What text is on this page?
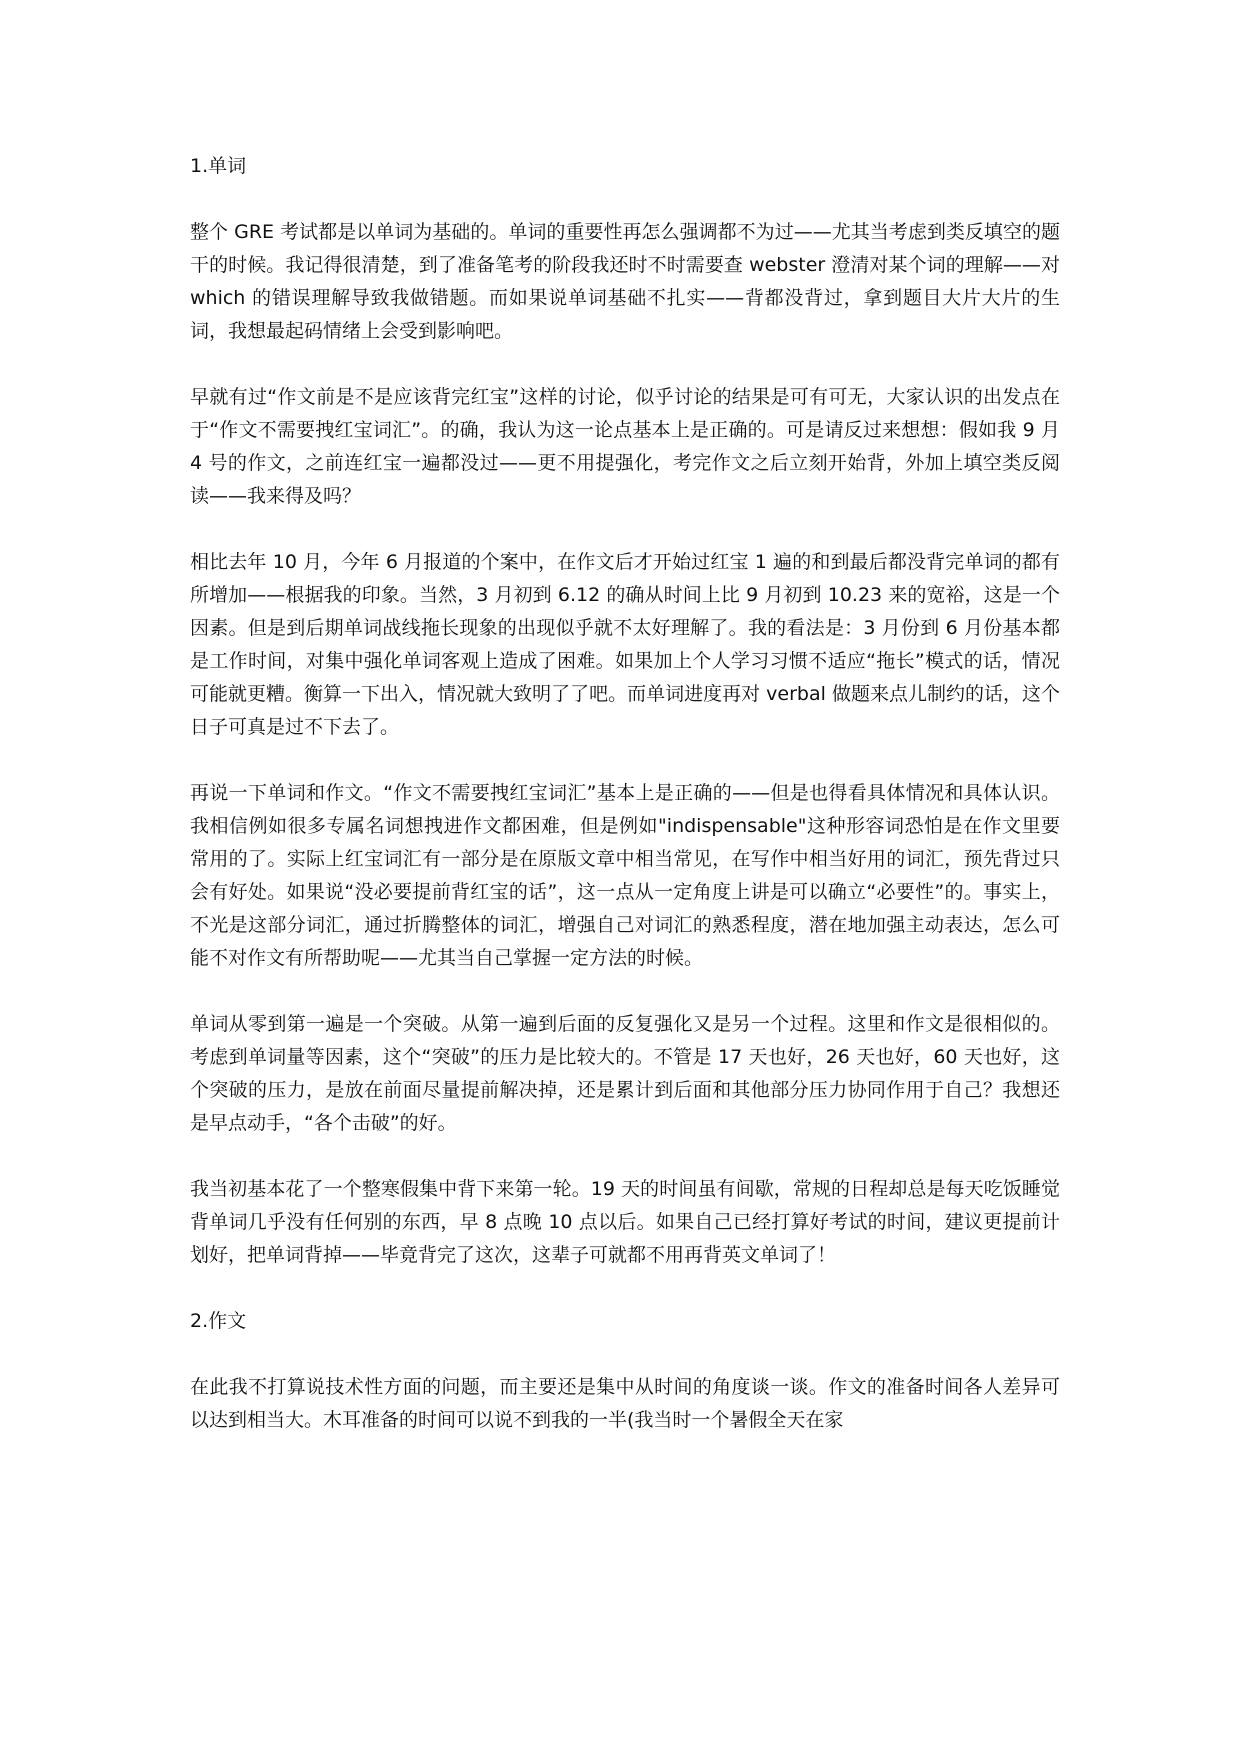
1.单词

整个 GRE 考试都是以单词为基础的。单词的重要性再怎么强调都不为过——尤其当考虑到类反填空的题干的时候。我记得很清楚，到了准备笔考的阶段我还时不时需要查 webster 澄清对某个词的理解——对 which 的错误理解导致我做错题。而如果说单词基础不扎实——背都没背过，拿到题目大片大片的生词，我想最起码情绪上会受到影响吧。

早就有过“作文前是不是应该背完红宝”这样的讨论，似乎讨论的结果是可有可无，大家认识的出发点在于“作文不需要拽红宝词汇”。的确，我认为这一论点基本上是正确的。可是请反过来想想：假如我 9 月 4 号的作文，之前连红宝一遍都没过——更不用提强化，考完作文之后立刻开始背，外加上填空类反阅读——我来得及吗？

相比去年 10 月，今年 6 月报道的个案中，在作文后才开始过红宝 1 遍的和到最后都没背完单词的都有所增加——根据我的印象。当然，3 月初到 6.12 的确从时间上比 9 月初到 10.23 来的宽裕，这是一个因素。但是到后期单词战线拖长现象的出现似乎就不太好理解了。我的看法是：3 月份到 6 月份基本都是工作时间，对集中强化单词客观上造成了困难。如果加上个人学习习惯不适应“拖长”模式的话，情况可能就更糟。衡算一下出入，情况就大致明了了吧。而单词进度再对 verbal 做题来点儿制约的话，这个日子可真是过不下去了。

再说一下单词和作文。“作文不需要拽红宝词汇”基本上是正确的——但是也得看具体情况和具体认识。我相信例如很多专属名词想拽进作文都困难，但是例如"indispensable"这种形容词恐怕是在作文里要常用的了。实际上红宝词汇有一部分是在原版文章中相当常见，在写作中相当好用的词汇，预先背过只会有好处。如果说“没必要提前背红宝的话”，这一点从一定角度上讲是可以确立“必要性”的。事实上，不光是这部分词汇，通过折腾整体的词汇，增强自己对词汇的熟悉程度，潜在地加强主动表达，怎么可能不对作文有所帮助呢——尤其当自己掌握一定方法的时候。

单词从零到第一遍是一个突破。从第一遍到后面的反复强化又是另一个过程。这里和作文是很相似的。考虑到单词量等因素，这个“突破”的压力是比较大的。不管是 17 天也好，26 天也好，60 天也好，这个突破的压力，是放在前面尽量提前解决掉，还是累计到后面和其他部分压力协同作用于自己？我想还是早点动手，“各个击破”的好。

我当初基本花了一个整寒假集中背下来第一轮。19 天的时间虽有间歇，常规的日程却总是每天吃饭睡觉背单词几乎没有任何别的东西，早 8 点晚 10 点以后。如果自己已经打算好考试的时间，建议更提前计划好，把单词背掉——毕竟背完了这次，这辈子可就都不用再背英文单词了！

2.作文

在此我不打算说技术性方面的问题，而主要还是集中从时间的角度谈一谈。作文的准备时间各人差异可以达到相当大。木耳准备的时间可以说不到我的一半(我当时一个暑假全天在家
